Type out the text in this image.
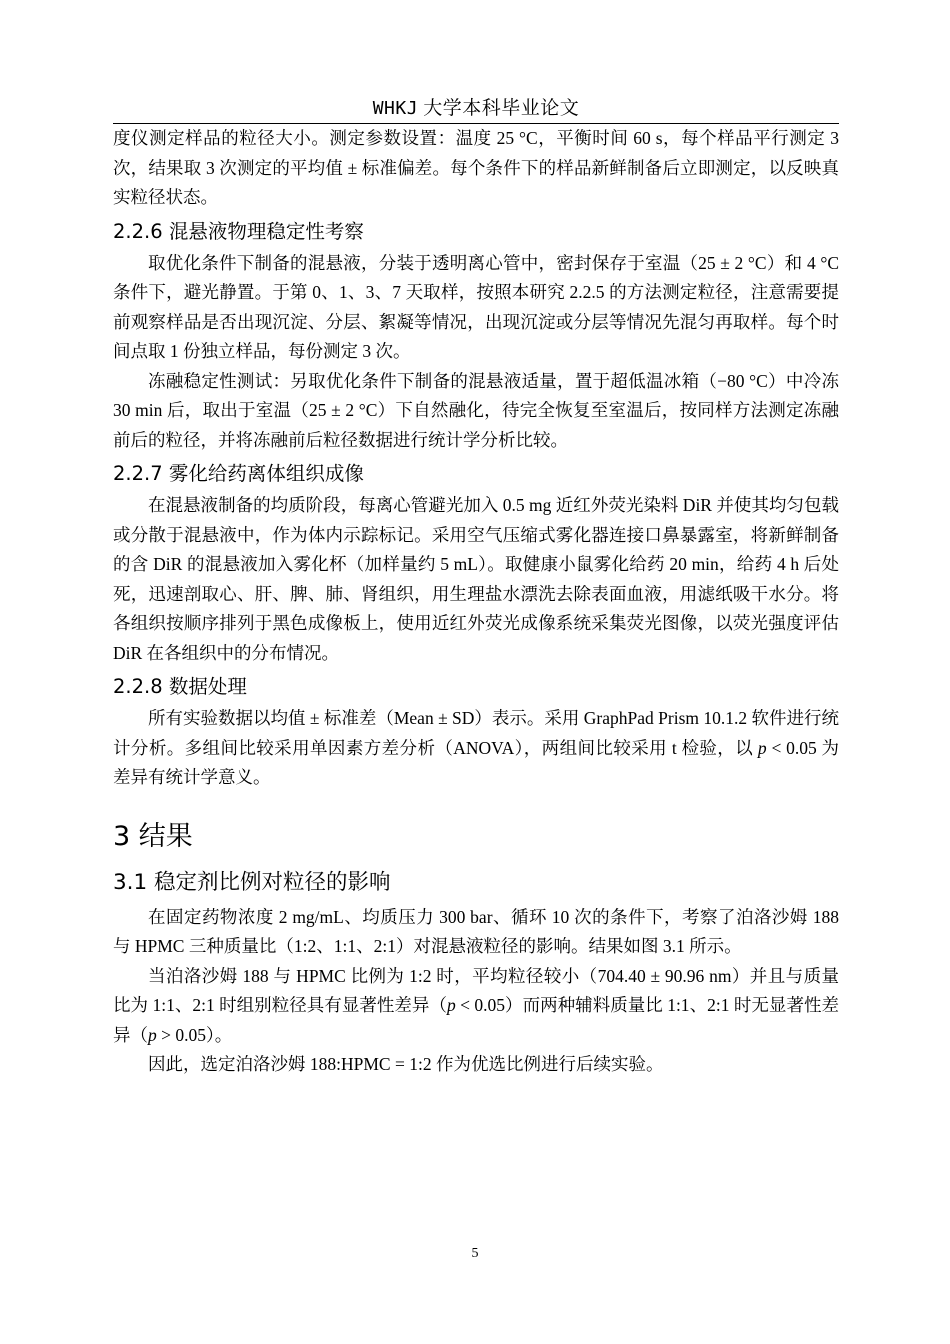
WHKJ 大学本科毕业论文

度仪测定样品的粒径大小。测定参数设置：温度 25 °C，平衡时间 60 s，每个样品平行测定 3 次，结果取 3 次测定的平均值 ± 标准偏差。每个条件下的样品新鲜制备后立即测定，以反映真实粒径状态。

2.2.6 混悬液物理稳定性考察

取优化条件下制备的混悬液，分装于透明离心管中，密封保存于室温（25 ± 2 °C）和 4 °C 条件下，避光静置。于第 0、1、3、7 天取样，按照本研究 2.2.5 的方法测定粒径，注意需要提前观察样品是否出现沉淀、分层、絮凝等情况，出现沉淀或分层等情况先混匀再取样。每个时间点取 1 份独立样品，每份测定 3 次。

冻融稳定性测试：另取优化条件下制备的混悬液适量，置于超低温冰箱（−80 °C）中冷冻 30 min 后，取出于室温（25 ± 2 °C）下自然融化，待完全恢复至室温后，按同样方法测定冻融前后的粒径，并将冻融前后粒径数据进行统计学分析比较。

2.2.7 雾化给药离体组织成像

在混悬液制备的均质阶段，每离心管避光加入 0.5 mg 近红外荧光染料 DiR 并使其均匀包载或分散于混悬液中，作为体内示踪标记。采用空气压缩式雾化器连接口鼻暴露室，将新鲜制备的含 DiR 的混悬液加入雾化杯（加样量约 5 mL）。取健康小鼠雾化给药 20 min，给药 4 h 后处死，迅速剖取心、肝、脾、肺、肾组织，用生理盐水漂洗去除表面血液，用滤纸吸干水分。将各组织按顺序排列于黑色成像板上，使用近红外荧光成像系统采集荧光图像，以荧光强度评估 DiR 在各组织中的分布情况。

2.2.8 数据处理

所有实验数据以均值 ± 标准差（Mean ± SD）表示。采用 GraphPad Prism 10.1.2 软件进行统计分析。多组间比较采用单因素方差分析（ANOVA），两组间比较采用 t 检验，以 p < 0.05 为差异有统计学意义。

3 结果
3.1 稳定剂比例对粒径的影响

在固定药物浓度 2 mg/mL、均质压力 300 bar、循环 10 次的条件下，考察了泊洛沙姆 188 与 HPMC 三种质量比（1:2、1:1、2:1）对混悬液粒径的影响。结果如图 3.1 所示。

当泊洛沙姆 188 与 HPMC 比例为 1:2 时，平均粒径较小（704.40 ± 90.96 nm）并且与质量比为 1:1、2:1 时组别粒径具有显著性差异（p < 0.05）而两种辅料质量比 1:1、2:1 时无显著性差异（p > 0.05）。

因此，选定泊洛沙姆 188:HPMC = 1:2 作为优选比例进行后续实验。

5
